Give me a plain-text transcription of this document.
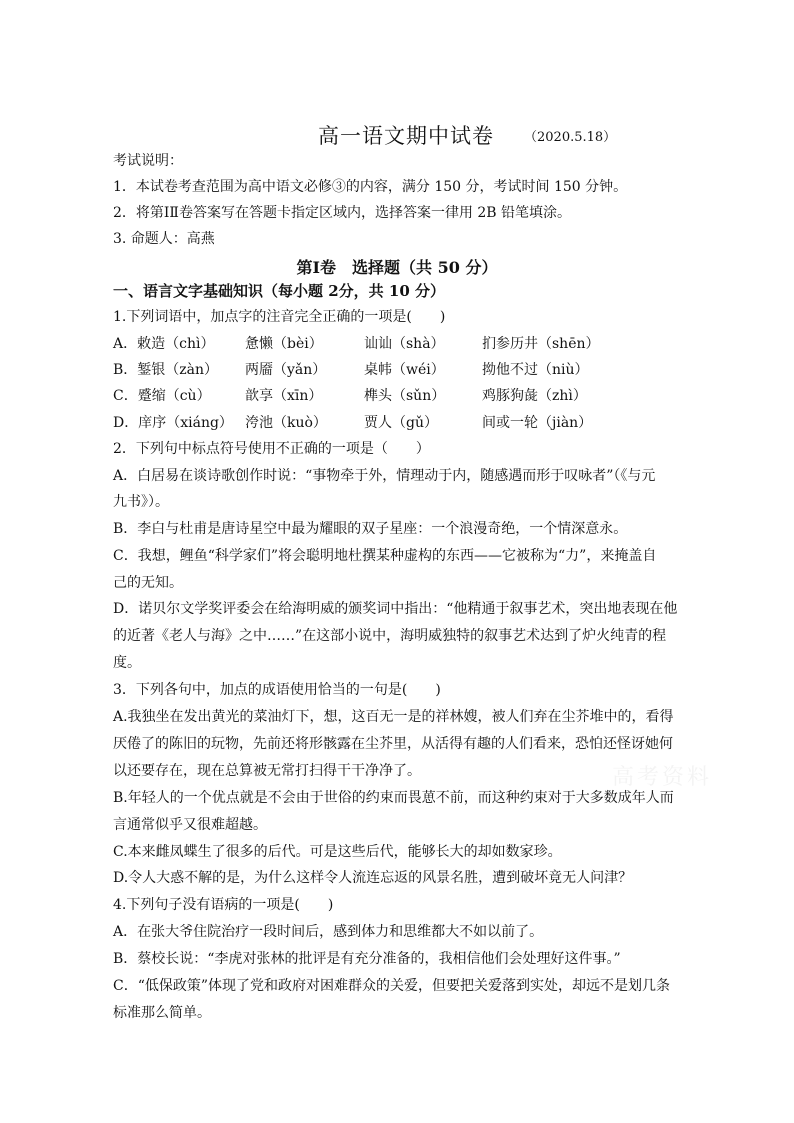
高一语文期中试卷 （2020.5.18）
考试说明：
1．本试卷考查范围为高中语文必修③的内容，满分 150 分，考试时间 150 分钟。
2．将第ⅠⅡ卷答案写在答题卡指定区域内，选择答案一律用 2B 铅笔填涂。
3. 命题人：高燕
第Ⅰ卷　选择题（共 50 分）
一、语言文字基础知识（每小题 2分，共 10 分）
1.下列词语中，加点字的注音完全正确的一项是(　　)
A．敕造（chì） 惫懒（bèi）	讪讪（shà）	扪参历井（shēn）
B．錾银（zàn） 两靥（yǎn）	桌帏（wéi）	拗他不过（niù）
C．蹙缩（cù） 歆享（xīn）	榫头（sǔn）	鸡豚狗彘（zhì）
D．庠序（xiáng） 洿池（kuò）	贾人（gǔ）	间或一轮（jiàn）
2．下列句中标点符号使用不正确的一项是（　　）
A．白居易在谈诗歌创作时说：“事物牵于外，情理动于内，随感遇而形于叹咏者”（《与元
九书》）。
B．李白与杜甫是唐诗星空中最为耀眼的双子星座：一个浪漫奇绝，一个情深意永。
C．我想，鲤鱼“科学家们”将会聪明地杜撰某种虚构的东西——它被称为“力”，来掩盖自
己的无知。
D．诺贝尔文学奖评委会在给海明威的颁奖词中指出：“他精通于叙事艺术，突出地表现在他
的近著《老人与海》之中……”在这部小说中，海明威独特的叙事艺术达到了炉火纯青的程
度。
3．下列各句中，加点的成语使用恰当的一句是(　　)
A.我独坐在发出黄光的菜油灯下，想，这百无一是的祥林嫂，被人们弃在尘芥堆中的，看得
厌倦了的陈旧的玩物，先前还将形骸露在尘芥里，从活得有趣的人们看来，恐怕还怪讶她何
以还要存在，现在总算被无常打扫得干干净净了。
B.年轻人的一个优点就是不会由于世俗的约束而畏葸不前，而这种约束对于大多数成年人而
言通常似乎又很难超越。
C.本来雌凤蝶生了很多的后代。可是这些后代，能够长大的却如数家珍。
D.令人大惑不解的是，为什么这样令人流连忘返的风景名胜，遭到破坏竟无人问津？
4.下列句子没有语病的一项是(　　)
A．在张大爷住院治疗一段时间后，感到体力和思维都大不如以前了。
B．蔡校长说：“李虎对张林的批评是有充分准备的，我相信他们会处理好这件事。”
C．“低保政策”体现了党和政府对困难群众的关爱，但要把关爱落到实处，却远不是划几条
标准那么简单。
高考资料
